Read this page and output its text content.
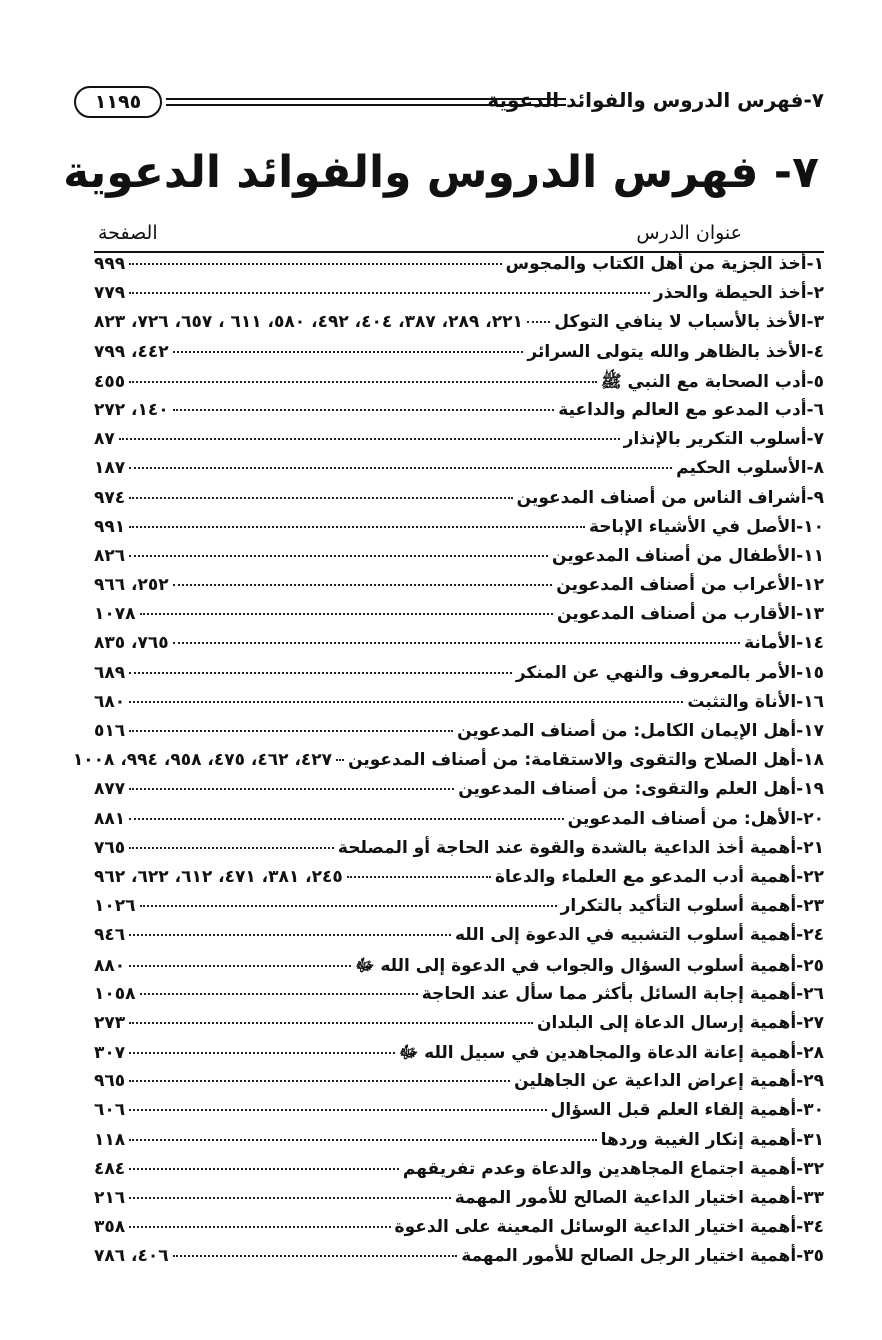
٧-فهرس الدروس والفوائد الدعوية
١١٩٥
٧- فهرس الدروس والفوائد الدعوية
عنوان الدرس
الصفحة
١-أخذ الجزية من أهل الكتاب والمجوس
٩٩٩
٢-أخذ الحيطة والحذر
٧٧٩
٣-الأخذ بالأسباب لا ينافي التوكل
٢٢١، ٢٨٩، ٣٨٧، ٤٠٤، ٤٩٢، ٥٨٠، ٦١١ ، ٦٥٧، ٧٢٦، ٨٢٣
٤-الأخذ بالظاهر والله يتولى السرائر
٤٤٢، ٧٩٩
٥-أدب الصحابة مع النبي ﷺ
٤٥٥
٦-أدب المدعو مع العالم والداعية
١٤٠، ٢٧٢
٧-أسلوب التكرير بالإنذار
٨٧
٨-الأسلوب الحكيم
١٨٧
٩-أشراف الناس من أصناف المدعوين
٩٧٤
١٠-الأصل في الأشياء الإباحة
٩٩١
١١-الأطفال من أصناف المدعوين
٨٢٦
١٢-الأعراب من أصناف المدعوين
٢٥٢، ٩٦٦
١٣-الأقارب من أصناف المدعوين
١٠٧٨
١٤-الأمانة
٧٦٥، ٨٣٥
١٥-الأمر بالمعروف والنهي عن المنكر
٦٨٩
١٦-الأناة والتثبت
٦٨٠
١٧-أهل الإيمان الكامل: من أصناف المدعوين
٥١٦
١٨-أهل الصلاح والتقوى والاستقامة: من أصناف المدعوين
٤٢٧، ٤٦٢، ٤٧٥، ٩٥٨، ٩٩٤، ١٠٠٨
١٩-أهل العلم والتقوى: من أصناف المدعوين
٨٧٧
٢٠-الأهل: من أصناف المدعوين
٨٨١
٢١-أهمية أخذ الداعية بالشدة والقوة عند الحاجة أو المصلحة
٧٦٥
٢٢-أهمية أدب المدعو مع العلماء والدعاة
٢٤٥، ٣٨١، ٤٧١، ٦١٢، ٦٢٢، ٩٦٢
٢٣-أهمية أسلوب التأكيد بالتكرار
١٠٢٦
٢٤-أهمية أسلوب التشبيه في الدعوة إلى الله
٩٤٦
٢٥-أهمية أسلوب السؤال والجواب في الدعوة إلى الله ﷻ
٨٨٠
٢٦-أهمية إجابة السائل بأكثر مما سأل عند الحاجة
١٠٥٨
٢٧-أهمية إرسال الدعاة إلى البلدان
٢٧٣
٢٨-أهمية إعانة الدعاة والمجاهدين في سبيل الله ﷻ
٣٠٧
٢٩-أهمية إعراض الداعية عن الجاهلين
٩٦٥
٣٠-أهمية إلقاء العلم قبل السؤال
٦٠٦
٣١-أهمية إنكار الغيبة وردها
١١٨
٣٢-أهمية اجتماع المجاهدين والدعاة وعدم تفريقهم
٤٨٤
٣٣-أهمية اختيار الداعية الصالح للأمور المهمة
٢١٦
٣٤-أهمية اختيار الداعية الوسائل المعينة على الدعوة
٣٥٨
٣٥-أهمية اختيار الرجل الصالح للأمور المهمة
٤٠٦، ٧٨٦
